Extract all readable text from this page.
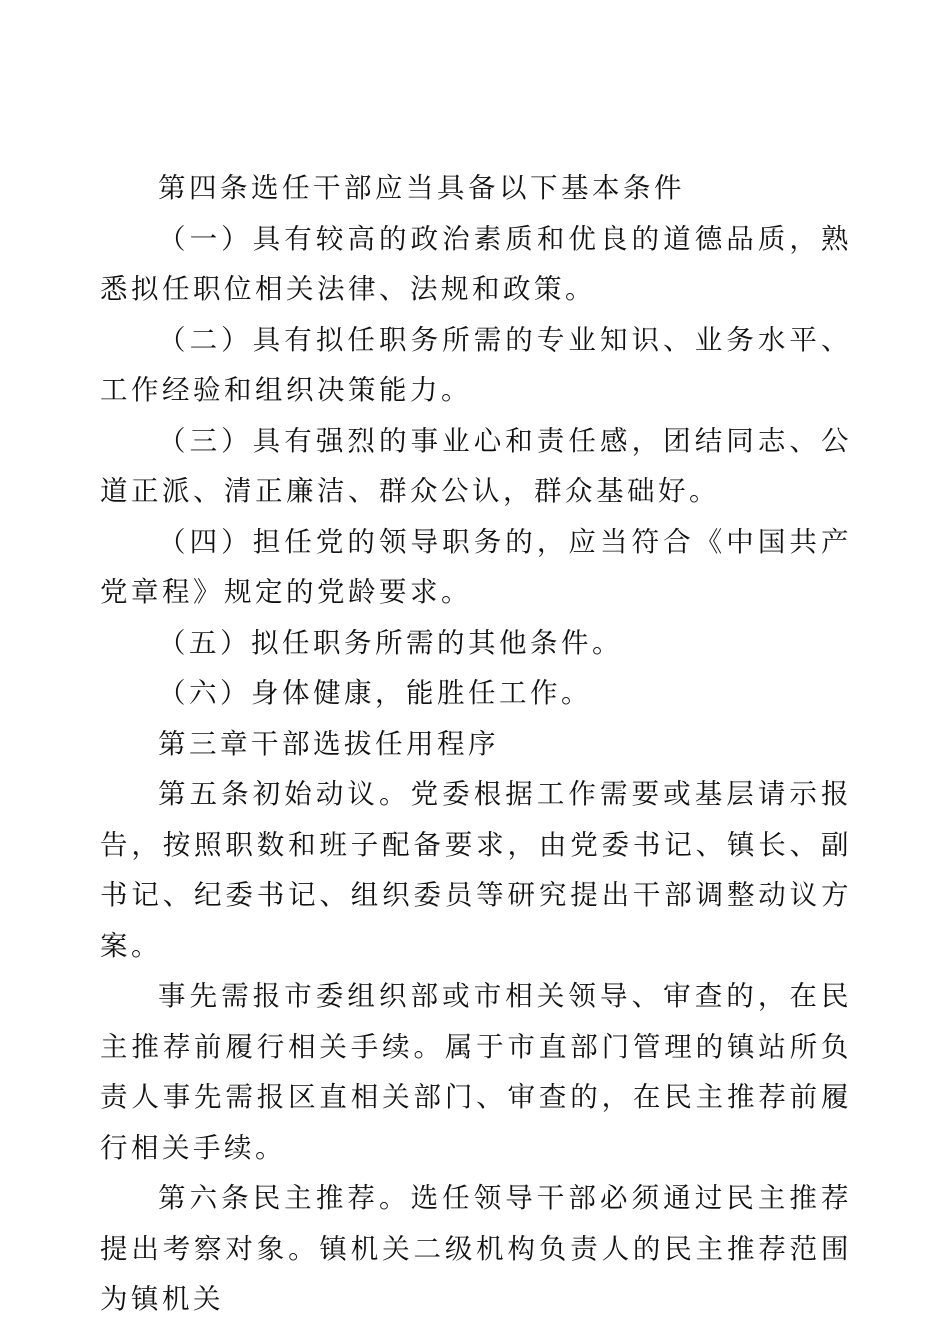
第四条选任干部应当具备以下基本条件

（一）具有较高的政治素质和优良的道德品质，熟悉拟任职位相关法律、法规和政策。

（二）具有拟任职务所需的专业知识、业务水平、工作经验和组织决策能力。

（三）具有强烈的事业心和责任感，团结同志、公道正派、清正廉洁、群众公认，群众基础好。

（四）担任党的领导职务的，应当符合《中国共产党章程》规定的党龄要求。

（五）拟任职务所需的其他条件。

（六）身体健康，能胜任工作。

第三章干部选拔任用程序

第五条初始动议。党委根据工作需要或基层请示报告，按照职数和班子配备要求，由党委书记、镇长、副书记、纪委书记、组织委员等研究提出干部调整动议方案。

事先需报市委组织部或市相关领导、审查的，在民主推荐前履行相关手续。属于市直部门管理的镇站所负责人事先需报区直相关部门、审查的，在民主推荐前履行相关手续。

第六条民主推荐。选任领导干部必须通过民主推荐提出考察对象。镇机关二级机构负责人的民主推荐范围为镇机关
